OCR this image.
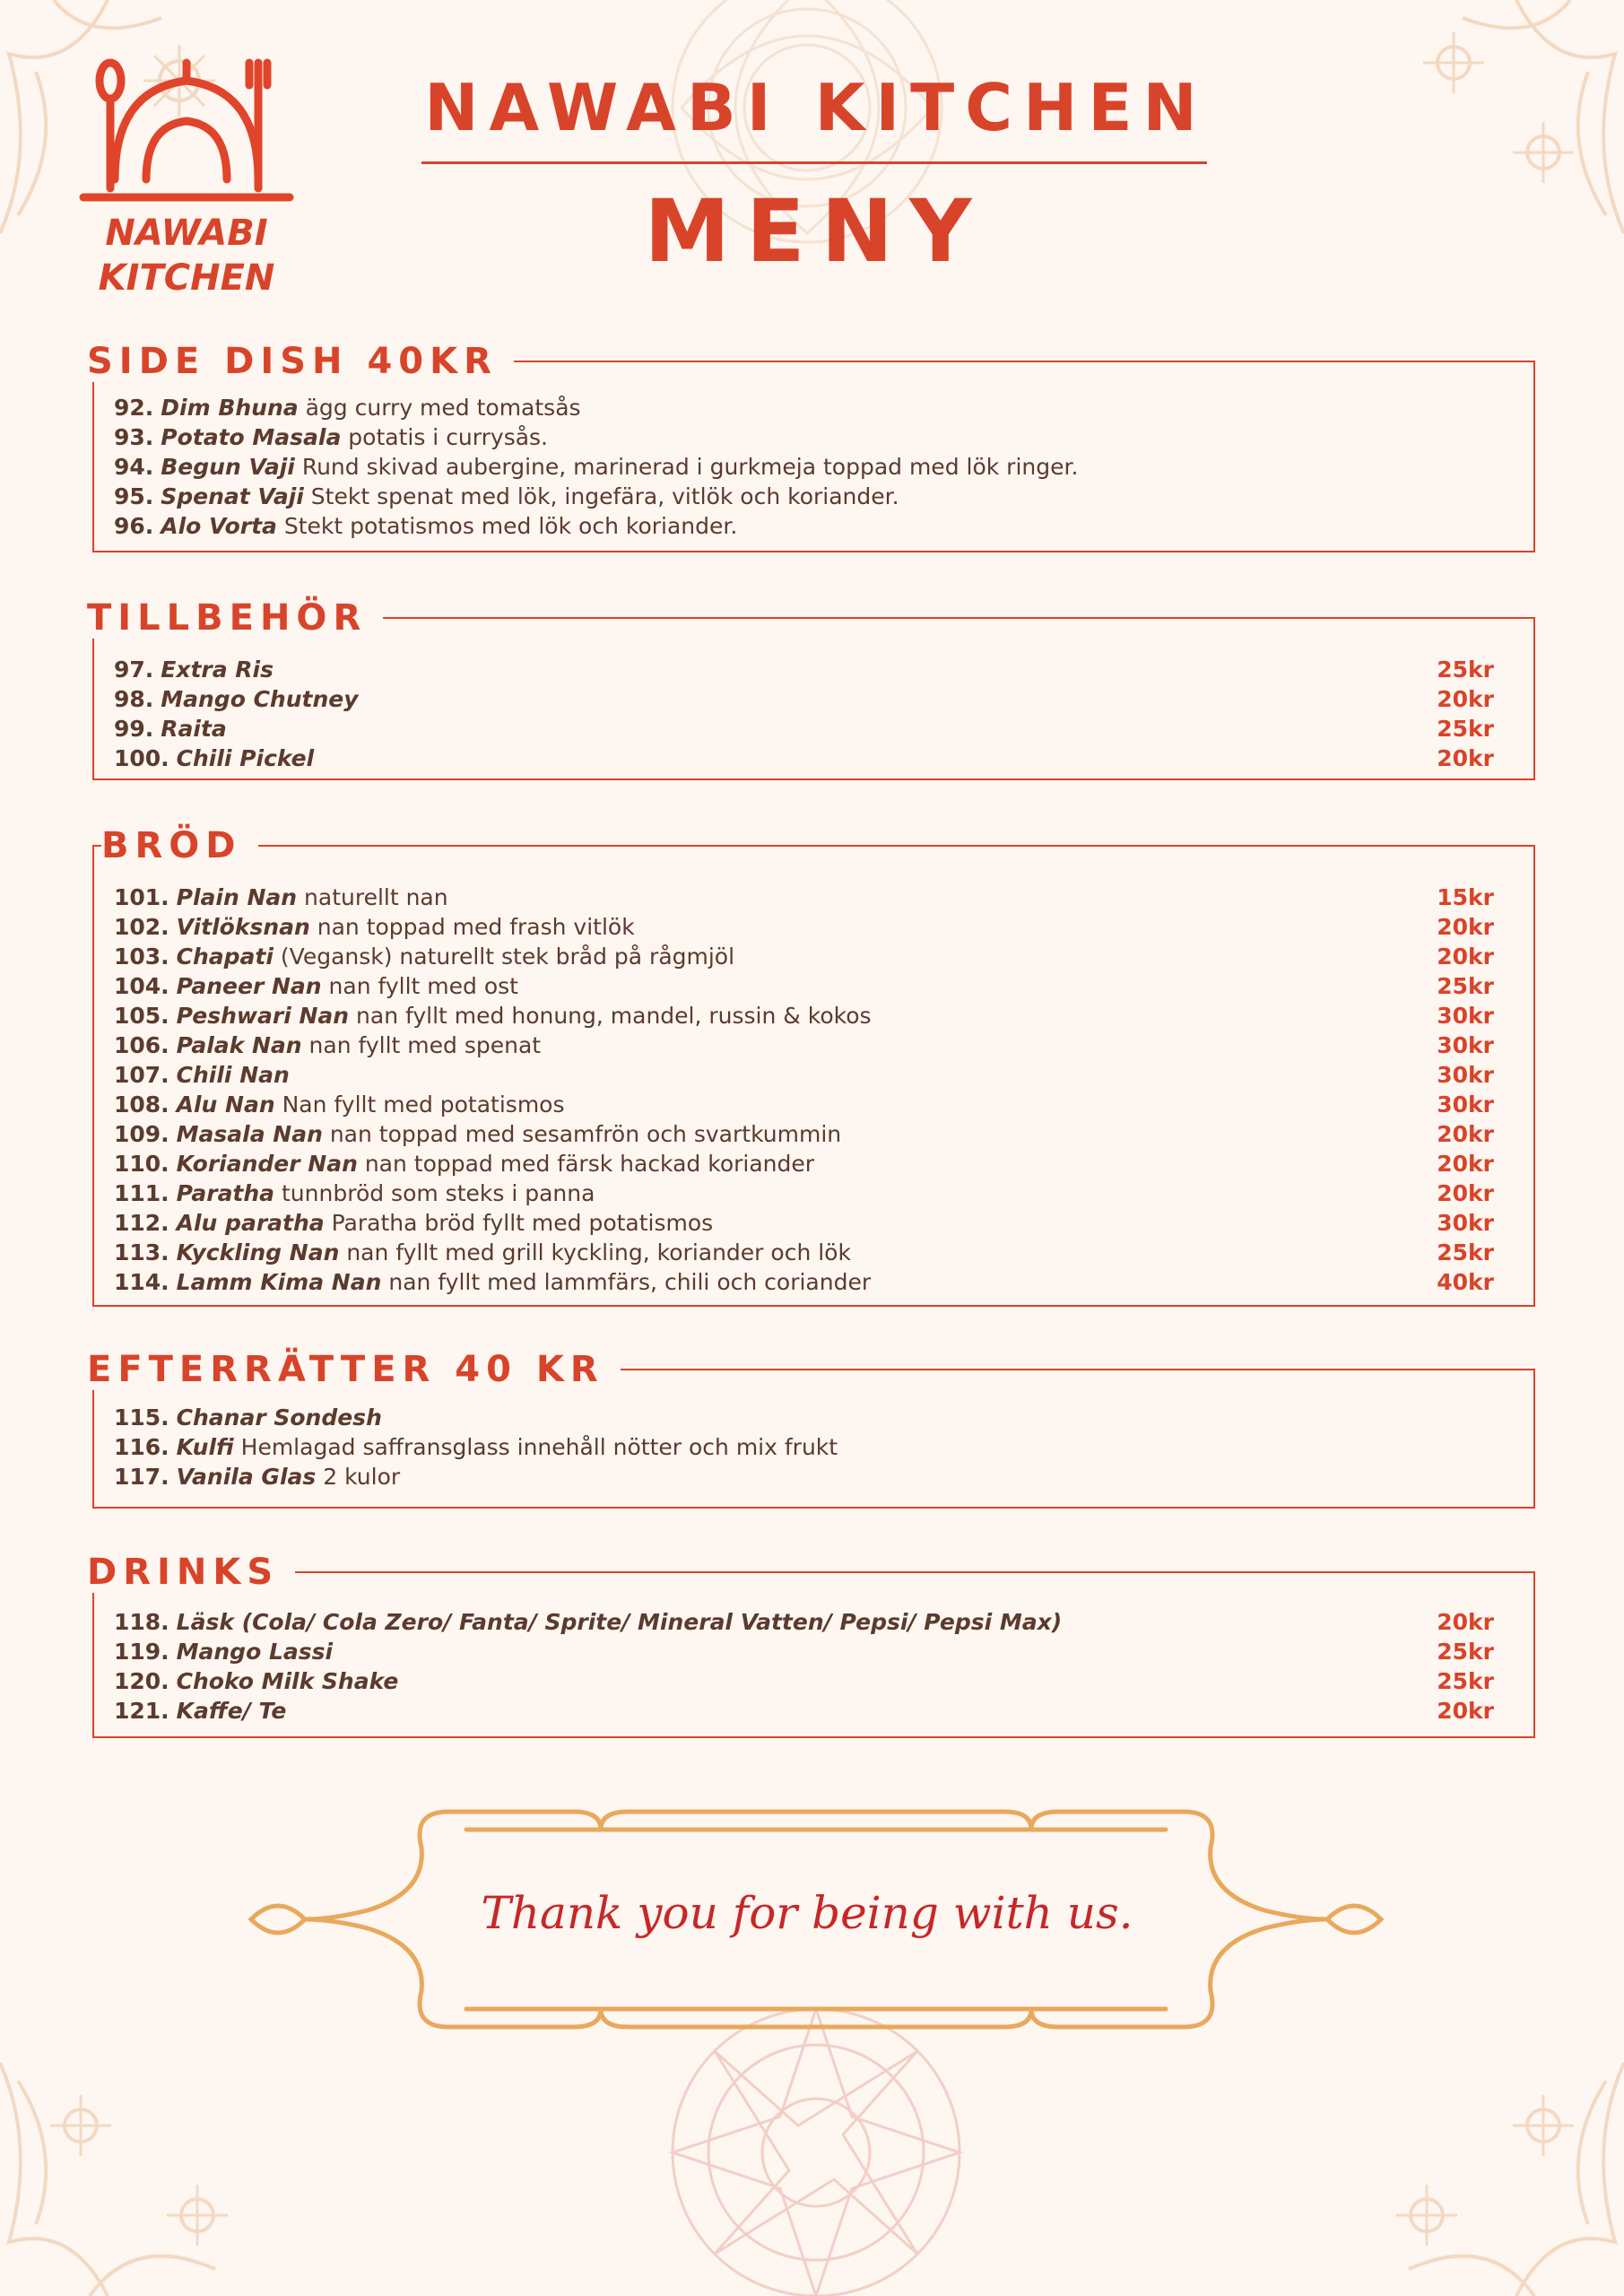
NAWABI
KITCHEN
NAWABI KITCHEN
MENY
92. Dim Bhuna ägg curry med tomatsås
93. Potato Masala potatis i currysås.
94. Begun Vaji Rund skivad aubergine, marinerad i gurkmeja toppad med lök ringer.
95. Spenat Vaji Stekt spenat med lök, ingefära, vitlök och koriander.
96. Alo Vorta Stekt potatismos med lök och koriander.
SIDE DISH 40KR
97. Extra Ris	25kr
98. Mango Chutney	20kr
99. Raita	25kr
100. Chili Pickel	20kr
TILLBEHÖR
101. Plain Nan naturellt nan	15kr
102. Vitlöksnan nan toppad med frash vitlök	20kr
103. Chapati (Vegansk) naturellt stek bråd på rågmjöl	20kr
104. Paneer Nan nan fyllt med ost	25kr
105. Peshwari Nan nan fyllt med honung, mandel, russin & kokos	30kr
106. Palak Nan nan fyllt med spenat	30kr
107. Chili Nan	30kr
108. Alu Nan Nan fyllt med potatismos	30kr
109. Masala Nan nan toppad med sesamfrön och svartkummin	20kr
110. Koriander Nan nan toppad med färsk hackad koriander	20kr
111. Paratha tunnbröd som steks i panna	20kr
112. Alu paratha Paratha bröd fyllt med potatismos	30kr
113. Kyckling Nan nan fyllt med grill kyckling, koriander och lök	25kr
114. Lamm Kima Nan nan fyllt med lammfärs, chili och coriander	40kr
BRÖD
115. Chanar Sondesh
116. Kulfi Hemlagad saffransglass innehåll nötter och mix frukt
117. Vanila Glas 2 kulor
EFTERRÄTTER 40 KR
118. Läsk (Cola/ Cola Zero/ Fanta/ Sprite/ Mineral Vatten/ Pepsi/ Pepsi Max)	20kr
119. Mango Lassi	25kr
120. Choko Milk Shake	25kr
121. Kaffe/ Te	20kr
DRINKS
Thank you for being with us.
